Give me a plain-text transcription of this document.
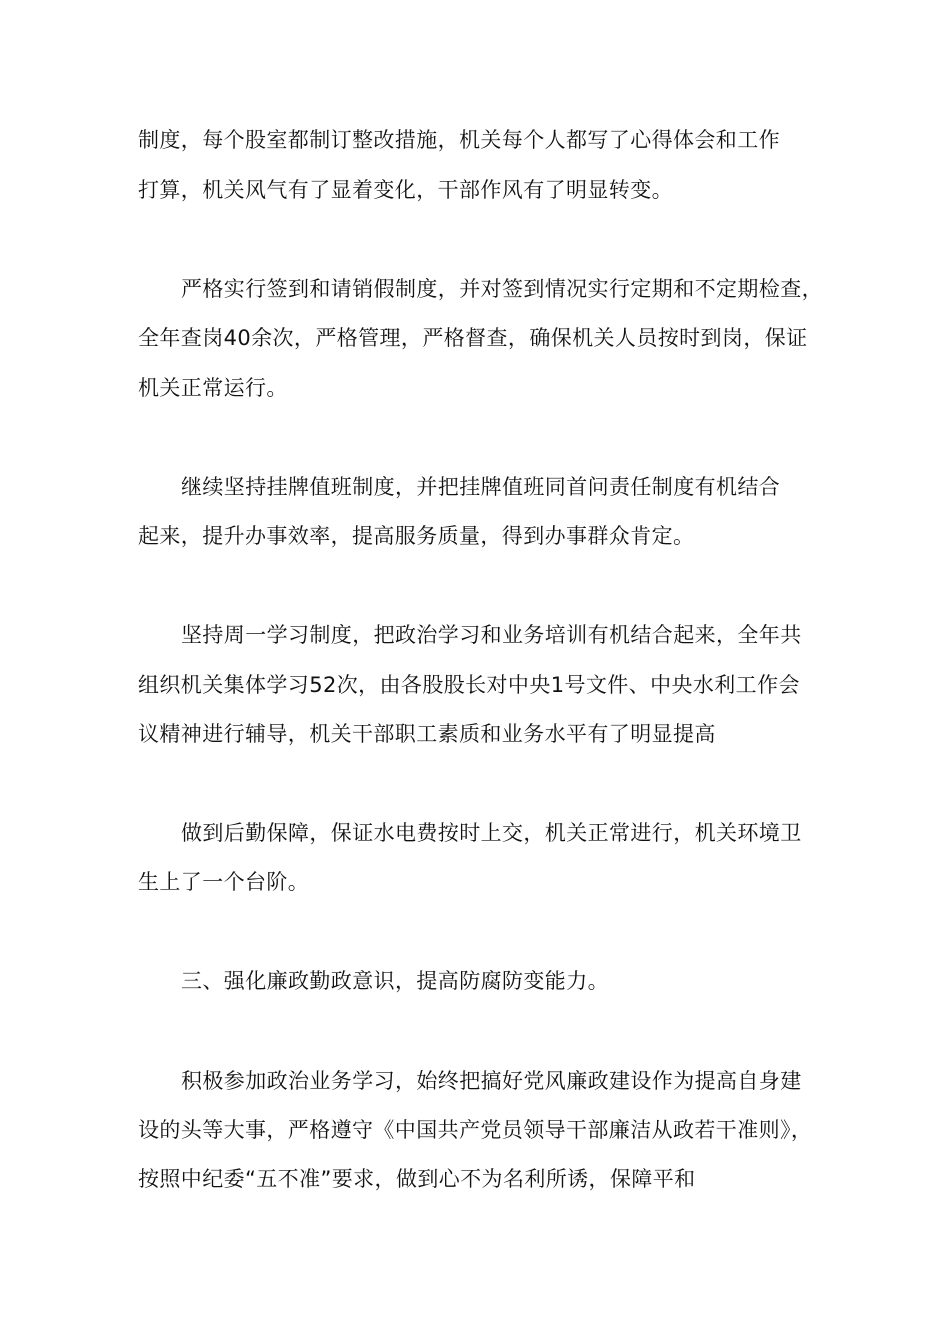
制度，每个股室都制订整改措施，机关每个人都写了心得体会和工作
打算，机关风气有了显着变化，干部作风有了明显转变。
严格实行签到和请销假制度，并对签到情况实行定期和不定期检查，
全年查岗40余次，严格管理，严格督查，确保机关人员按时到岗，保证
机关正常运行。
继续坚持挂牌值班制度，并把挂牌值班同首问责任制度有机结合
起来，提升办事效率，提高服务质量，得到办事群众肯定。
坚持周一学习制度，把政治学习和业务培训有机结合起来，全年共
组织机关集体学习52次，由各股股长对中央1号文件、中央水利工作会
议精神进行辅导，机关干部职工素质和业务水平有了明显提高
做到后勤保障，保证水电费按时上交，机关正常进行，机关环境卫
生上了一个台阶。
三、强化廉政勤政意识，提高防腐防变能力。
积极参加政治业务学习，始终把搞好党风廉政建设作为提高自身建
设的头等大事，严格遵守《中国共产党员领导干部廉洁从政若干准则》，
按照中纪委“五不准”要求，做到心不为名利所诱，保障平和
